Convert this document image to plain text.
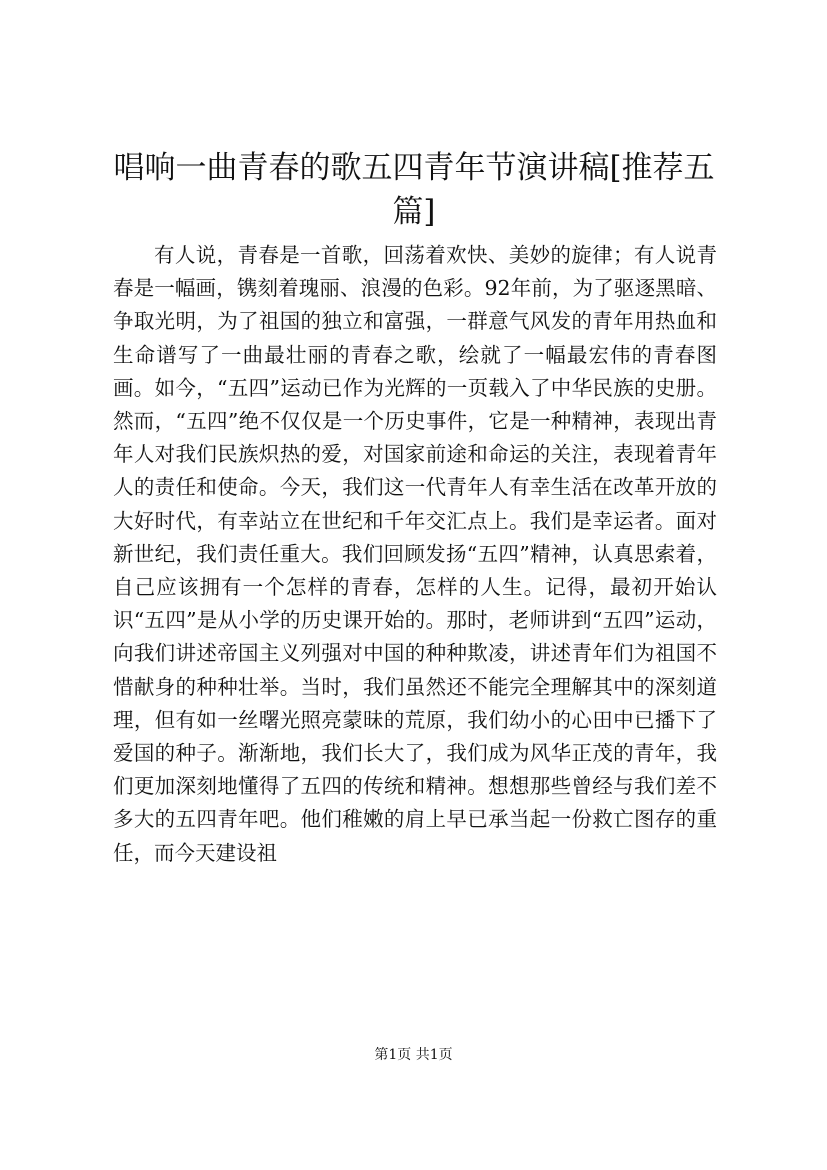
唱响一曲青春的歌五四青年节演讲稿[推荐五篇]

有人说，青春是一首歌，回荡着欢快、美妙的旋律；有人说青春是一幅画，镌刻着瑰丽、浪漫的色彩。92年前，为了驱逐黑暗、争取光明，为了祖国的独立和富强，一群意气风发的青年用热血和生命谱写了一曲最壮丽的青春之歌，绘就了一幅最宏伟的青春图画。如今，“五四”运动已作为光辉的一页载入了中华民族的史册。然而，“五四”绝不仅仅是一个历史事件，它是一种精神，表现出青年人对我们民族炽热的爱，对国家前途和命运的关注，表现着青年人的责任和使命。今天，我们这一代青年人有幸生活在改革开放的大好时代，有幸站立在世纪和千年交汇点上。我们是幸运者。面对新世纪，我们责任重大。我们回顾发扬“五四”精神，认真思索着，自己应该拥有一个怎样的青春，怎样的人生。记得，最初开始认识“五四”是从小学的历史课开始的。那时，老师讲到“五四”运动，向我们讲述帝国主义列强对中国的种种欺凌，讲述青年们为祖国不惜献身的种种壮举。当时，我们虽然还不能完全理解其中的深刻道理，但有如一丝曙光照亮蒙昧的荒原，我们幼小的心田中已播下了爱国的种子。渐渐地，我们长大了，我们成为风华正茂的青年，我们更加深刻地懂得了五四的传统和精神。想想那些曾经与我们差不多大的五四青年吧。他们稚嫩的肩上早已承当起一份救亡图存的重任，而今天建设祖

第1页 共1页
